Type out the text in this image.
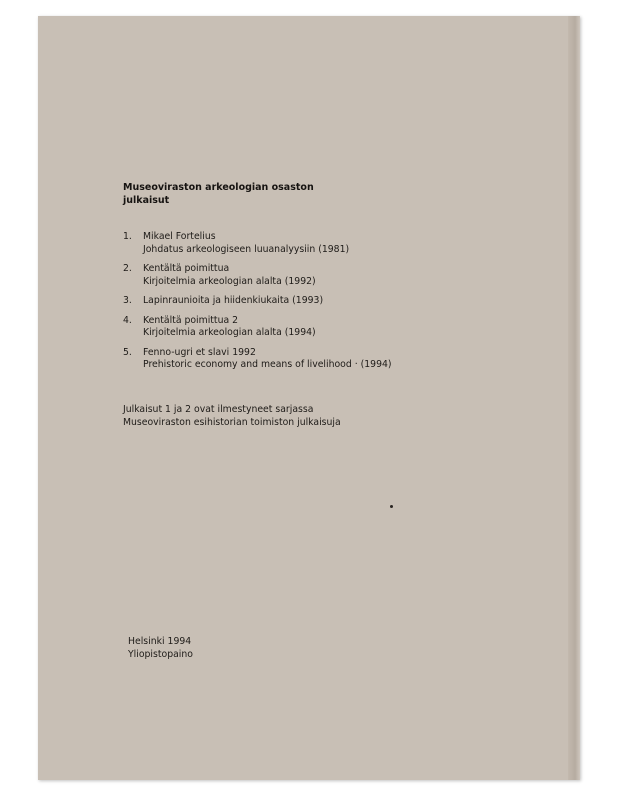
Museoviraston arkeologian osaston
julkaisut
1. Mikael Fortelius
Johdatus arkeologiseen luuanalyysiin (1981)
2. Kentältä poimittua
Kirjoitelmia arkeologian alalta (1992)
3. Lapinraunioita ja hiidenkiukaita (1993)
4. Kentältä poimittua 2
Kirjoitelmia arkeologian alalta (1994)
5. Fenno-ugri et slavi 1992
Prehistoric economy and means of livelihood · (1994)
Julkaisut 1 ja 2 ovat ilmestyneet sarjassa
Museoviraston esihistorian toimiston julkaisuja
Helsinki 1994
Yliopistopaino
